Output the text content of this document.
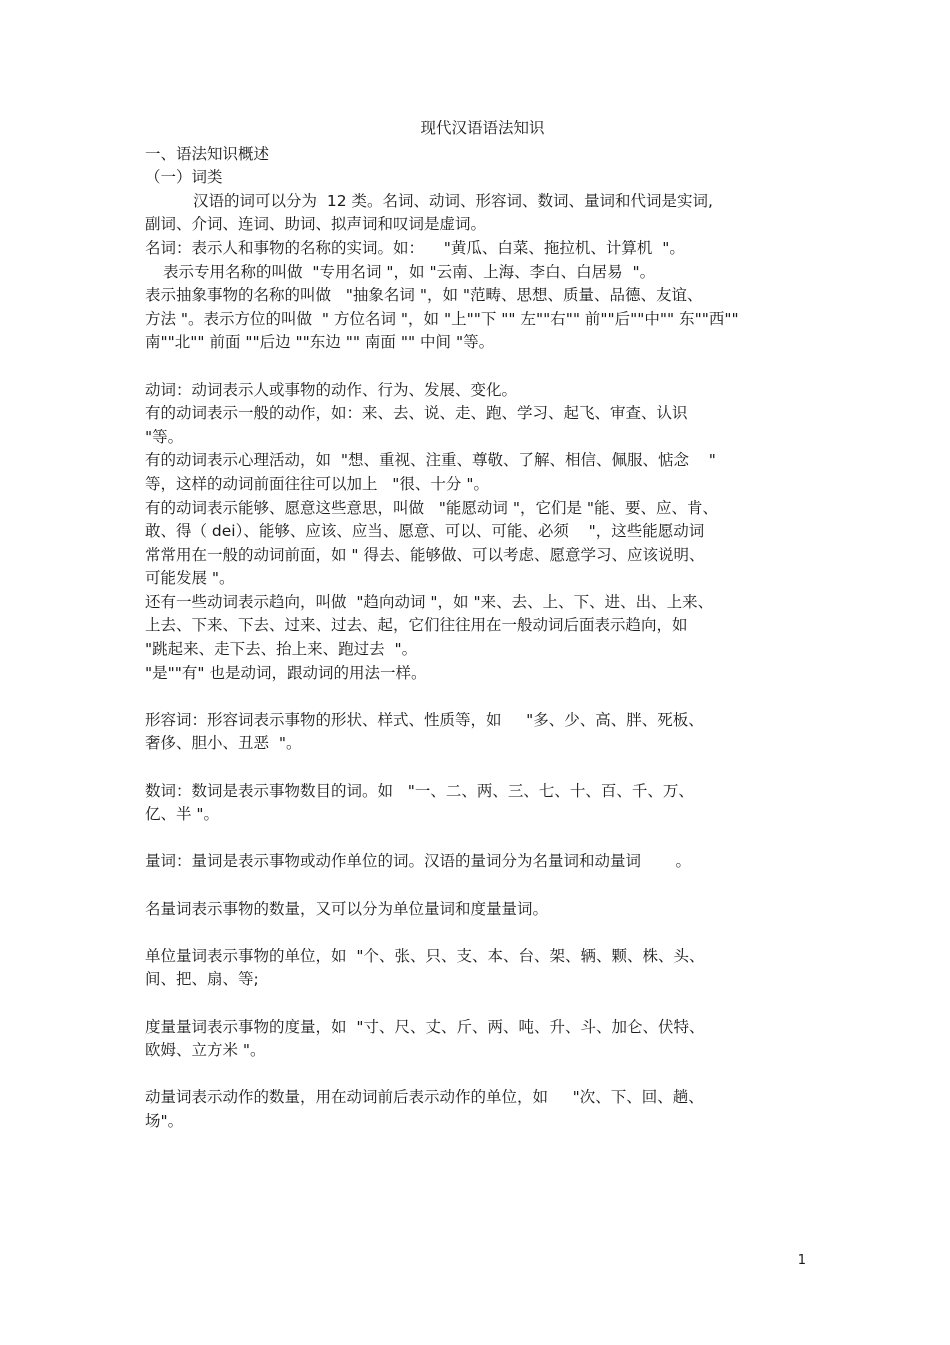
现代汉语语法知识

一、语法知识概述

（一）词类

汉语的词可以分为  12 类。名词、动词、形容词、数词、量词和代词是实词,

副词、介词、连词、助词、拟声词和叹词是虚词。

名词：表示人和事物的名称的实词。如：    "黄瓜、白菜、拖拉机、计算机  "。

表示专用名称的叫做  "专用名词 "，如 "云南、上海、李白、白居易  "。

表示抽象事物的名称的叫做   "抽象名词 "，如 "范畴、思想、质量、品德、友谊、

方法 "。表示方位的叫做  " 方位名词 "，如 "上""下 "" 左""右"" 前""后""中"" 东""西""

南""北"" 前面 ""后边 ""东边 "" 南面 "" 中间 "等。

动词：动词表示人或事物的动作、行为、发展、变化。

有的动词表示一般的动作，如：来、去、说、走、跑、学习、起飞、审查、认识

"等。

有的动词表示心理活动，如  "想、重视、注重、尊敬、了解、相信、佩服、惦念    "

等，这样的动词前面往往可以加上   "很、十分 "。

有的动词表示能够、愿意这些意思，叫做   "能愿动词 "，它们是 "能、要、应、肯、

敢、得（ dei）、能够、应该、应当、愿意、可以、可能、必须    "，这些能愿动词

常常用在一般的动词前面，如 " 得去、能够做、可以考虑、愿意学习、应该说明、

可能发展 "。

还有一些动词表示趋向，叫做  "趋向动词 "，如 "来、去、上、下、进、出、上来、

上去、下来、下去、过来、过去、起，它们往往用在一般动词后面表示趋向，如

"跳起来、走下去、抬上来、跑过去  "。

"是""有" 也是动词，跟动词的用法一样。

形容词：形容词表示事物的形状、样式、性质等，如     "多、少、高、胖、死板、

奢侈、胆小、丑恶  "。

数词：数词是表示事物数目的词。如   "一、二、两、三、七、十、百、千、万、

亿、半 "。

量词：量词是表示事物或动作单位的词。汉语的量词分为名量词和动量词       。

名量词表示事物的数量，又可以分为单位量词和度量量词。

单位量词表示事物的单位，如  "个、张、只、支、本、台、架、辆、颗、株、头、

间、把、扇、等;

度量量词表示事物的度量，如  "寸、尺、丈、斤、两、吨、升、斗、加仑、伏特、

欧姆、立方米 "。

动量词表示动作的数量，用在动词前后表示动作的单位，如     "次、下、回、趟、

场"。

1
